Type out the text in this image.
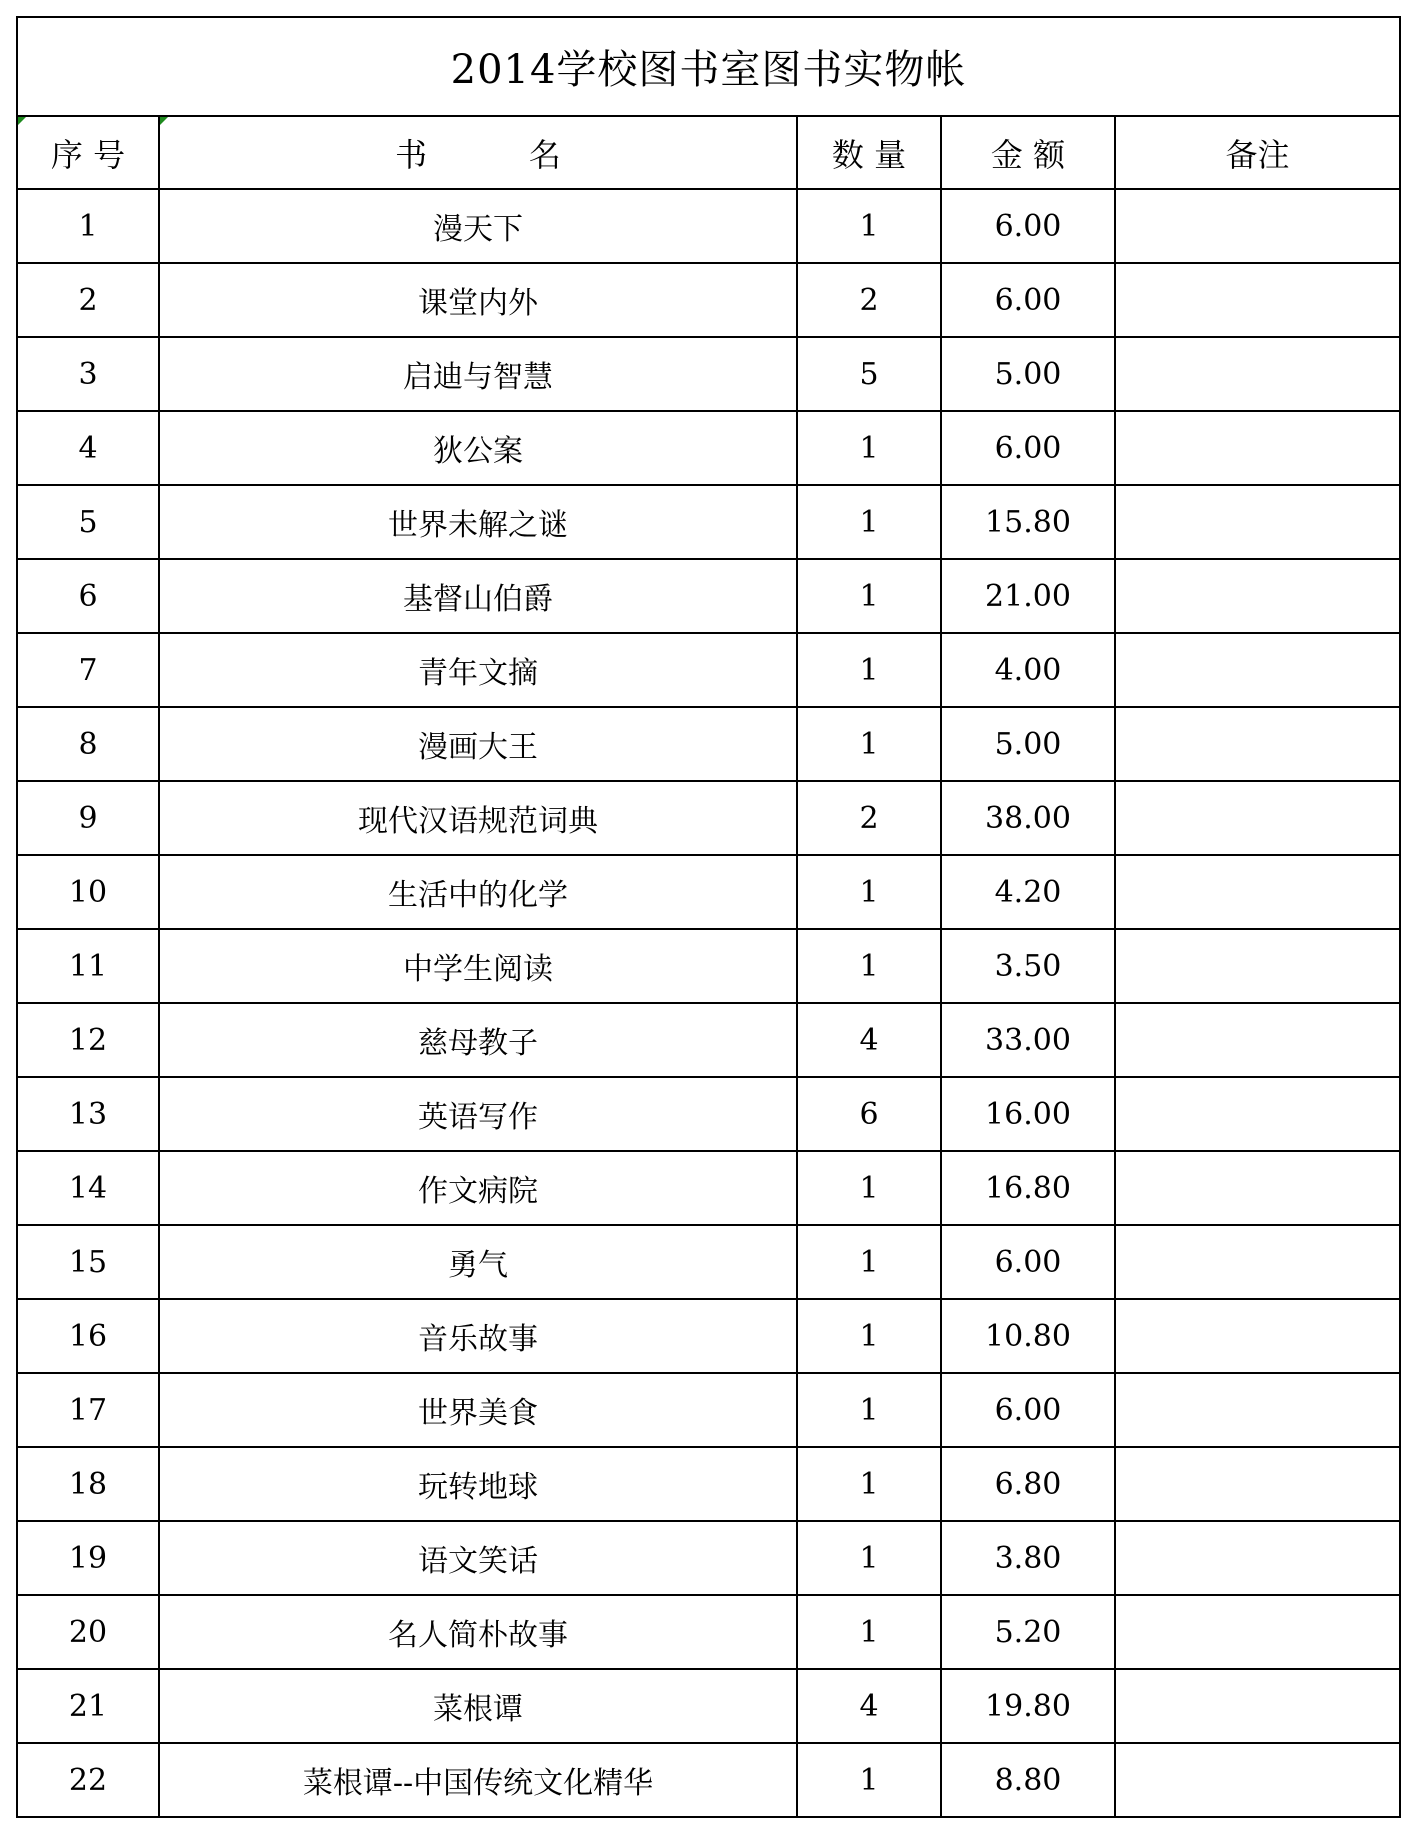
2014学校图书室图书实物帐				

序 号	书          名	数 量	金 额	备注
1	漫天下	1	6.00	
2	课堂内外	2	6.00	
3	启迪与智慧	5	5.00	
4	狄公案	1	6.00	
5	世界未解之谜	1	15.80	
6	基督山伯爵	1	21.00	
7	青年文摘	1	4.00	
8	漫画大王	1	5.00	
9	现代汉语规范词典	2	38.00	
10	生活中的化学	1	4.20	
11	中学生阅读	1	3.50	
12	慈母教子	4	33.00	
13	英语写作	6	16.00	
14	作文病院	1	16.80	
15	勇气	1	6.00	
16	音乐故事	1	10.80	
17	世界美食	1	6.00	
18	玩转地球	1	6.80	
19	语文笑话	1	3.80	
20	名人简朴故事	1	5.20	
21	菜根谭	4	19.80	
22	菜根谭--中国传统文化精华	1	8.80	
